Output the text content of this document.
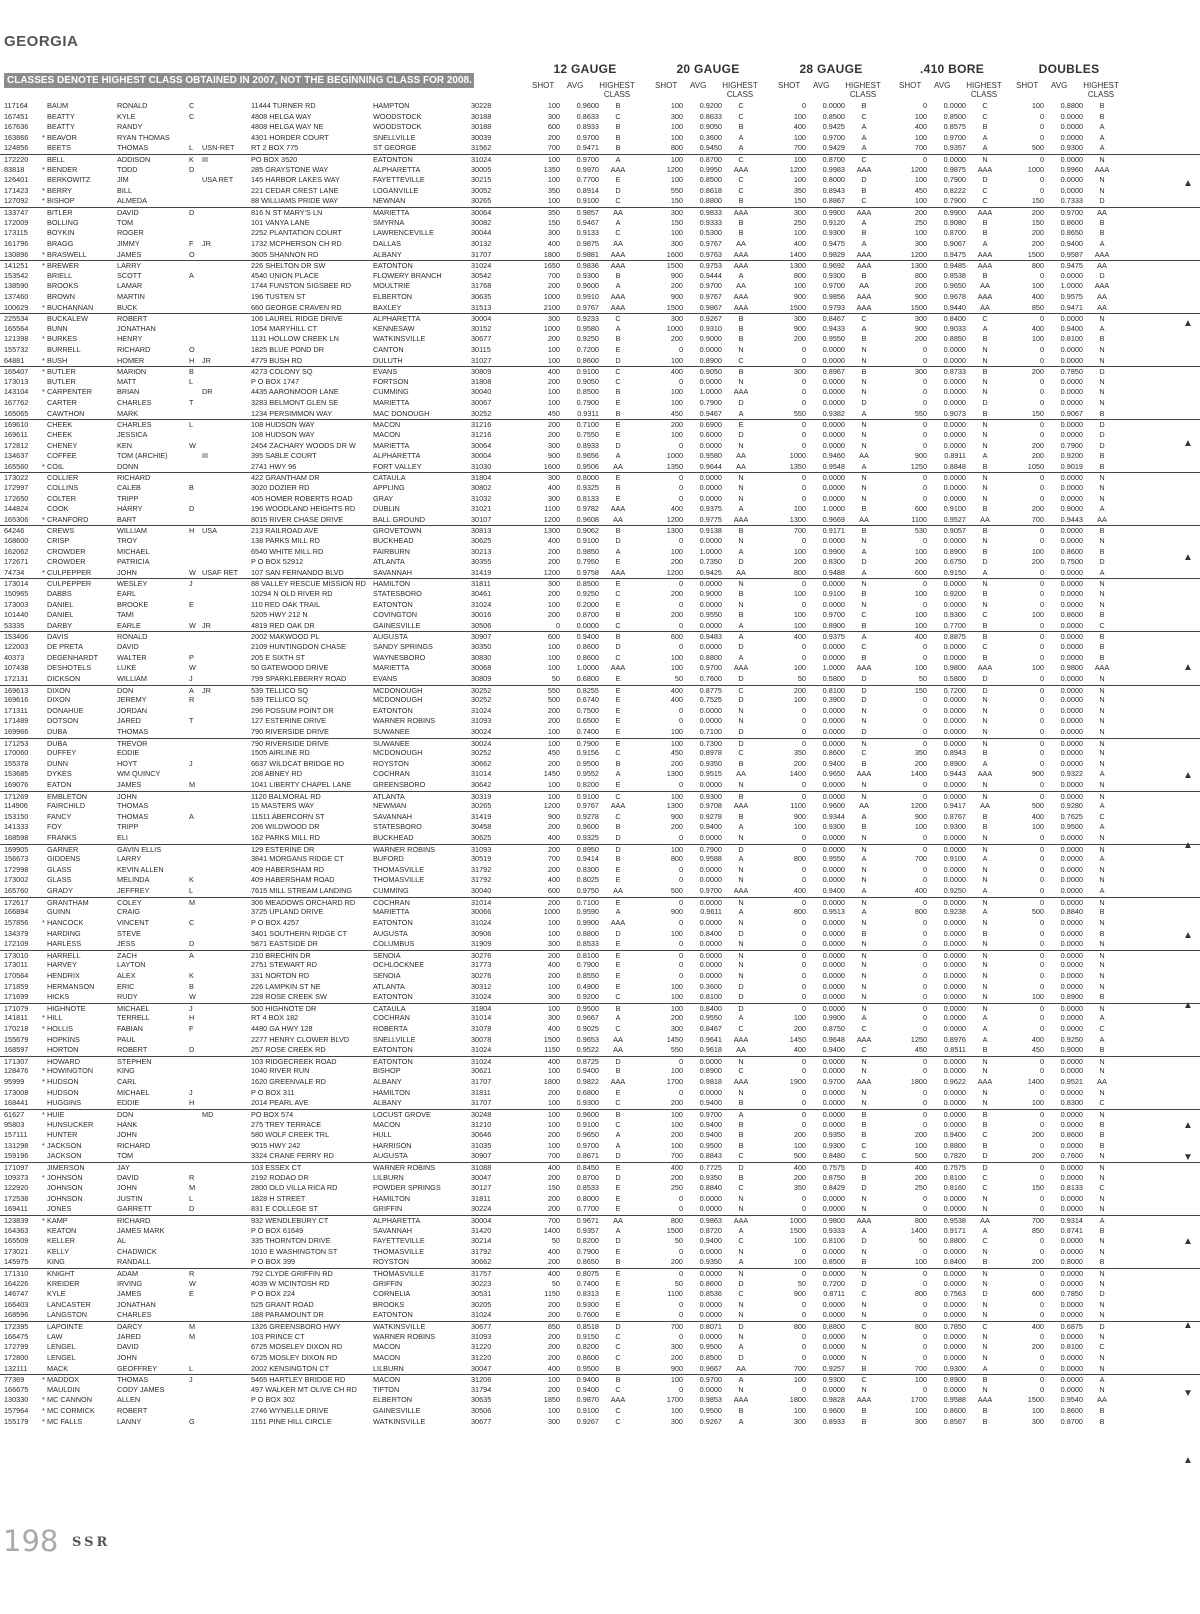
GEORGIA
CLASSES DENOTE HIGHEST CLASS OBTAINED IN 2007, NOT THE BEGINNING CLASS FOR 2008.
12 GAUGE
SHOT AVG HIGHEST CLASS
20 GAUGE
SHOT AVG HIGHEST CLASS
28 GAUGE
SHOT AVG HIGHEST CLASS
.410 BORE
SHOT AVG HIGHEST CLASS
DOUBLES
SHOT AVG HIGHEST CLASS
117164	BAUM	RONALD	C	11444 TURNER RD	HAMPTON	30228	100	0.9600	B	100	0.9200	C	0	0.0000	B	0	0.0000	C	100	0.8800	B
167451	BEATTY	KYLE	C	4808 HELGA WAY	WOODSTOCK	30188	300	0.8633	C	300	0.8633	C	100	0.8500	C	100	0.8500	C	0	0.0000	B
167636	BEATTY	RANDY	4808 HELGA WAY NE	WOODSTOCK	30188	600	0.8933	B	100	0.9050	B	400	0.9425	A	400	0.8575	B	0	0.0000	A
163866	* BEAVOR	RYAN THOMAS	4301 HORDER COURT	SNELLVILLE	30039	200	0.9700	B	100	0.3600	A	100	0.9700	A	100	0.9700	A	0	0.0000	A
124856	BEETS	THOMAS	L	USN-RET	RT 2 BOX 775	ST GEORGE	31562	700	0.9471	B	800	0.9450	A	700	0.9429	A	700	0.9357	A	500	0.9300	A
172220	BELL	ADDISON	K	III	PO BOX 3520	EATONTON	31024	100	0.9700	A	100	0.8700	C	100	0.8700	C	0	0.0000	N	0	0.0000	N
83818	* BENDER	TODD	D	285 GRAYSTONE WAY	ALPHARETTA	30005	1350	0.9970	AAA	1200	0.9950	AAA	1200	0.9983	AAA	1200	0.9875	AAA	1000	0.9960	AAA
126401	BERKOWITZ	JIM	USA RET	145 HARBOR LAKES WAY	FAYETTEVILLE	30215	100	0.7700	E	100	0.8500	C	100	0.8000	D	100	0.7900	D	0	0.0000	N
171423	* BERRY	BILL	221 CEDAR CREST LANE	LOGANVILLE	30052	350	0.8914	D	550	0.8618	C	350	0.8943	B	450	0.8222	C	0	0.0000	N
127092	* BISHOP	ALMEDA	88 WILLIAMS PRIDE WAY	NEWNAN	30265	100	0.9100	C	150	0.8800	B	150	0.8867	C	100	0.7900	C	150	0.7333	D
133747	BITLER	DAVID	D	816 N ST MARY'S LN	MARIETTA	30064	350	0.9857	AA	300	0.9833	AAA	300	0.9900	AAA	200	0.9900	AAA	200	0.9700	AA
172009	BOLLING	TOM	101 VANYA LANE	SMYRNA	30082	150	0.9467	A	150	0.9333	B	250	0.9120	A	250	0.9080	B	150	0.8600	B
173115	BOYKIN	ROGER	2252 PLANTATION COURT	LAWRENCEVILLE	30044	300	0.9133	C	100	0.5300	B	100	0.9300	B	100	0.8700	B	200	0.8650	B
161796	BRAGG	JIMMY	F	JR	1732 MCPHERSON CH RD	DALLAS	30132	400	0.9875	AA	300	0.9767	AA	400	0.9475	A	300	0.9067	A	200	0.9400	A
130896	* BRASWELL	JAMES	O	3605 SHANNON RD	ALBANY	31707	1800	0.9881	AAA	1600	0.9763	AAA	1400	0.9829	AAA	1200	0.9475	AAA	1500	0.9587	AAA
141251	* BREWER	LARRY	226 SHELTON DR SW	EATONTON	31024	1650	0.9836	AAA	1500	0.9753	AAA	1300	0.9692	AAA	1300	0.9485	AAA	800	0.9475	AA
153542	BRIELL	SCOTT	A	4540 UNION PLACE	FLOWERY BRANCH	30542	700	0.9300	B	900	0.9444	A	800	0.9300	B	800	0.8538	B	0	0.0000	D
138590	BROOKS	LAMAR	1744 FUNSTON SIGSBEE RD	MOULTRIE	31768	200	0.9600	A	200	0.9700	AA	100	0.9700	AA	200	0.9650	AA	100	1.0000	AAA
137460	BROWN	MARTIN	196 TUSTEN ST	ELBERTON	30635	1000	0.9910	AAA	900	0.9767	AAA	900	0.9856	AAA	900	0.9678	AAA	400	0.9575	AA
100629	* BUCHANNAN	BUCK	660 GEORGE CRAVEN RD	BAXLEY	31513	2100	0.9767	AAA	1500	0.9867	AAA	1500	0.9793	AAA	1500	0.9440	AA	850	0.9471	AA
225534	BUCKALEW	ROBERT	106 LAUREL RIDGE DRIVE	ALPHARETTA	30004	300	0.9233	C	300	0.9267	B	300	0.8467	C	300	0.8400	C	0	0.0000	N
165564	BUNN	JONATHAN	1054 MARYHILL CT	KENNESAW	30152	1000	0.9580	A	1000	0.9310	B	900	0.9433	A	900	0.9033	A	400	0.9400	A
121398	* BURKES	HENRY	1131 HOLLOW CREEK LN	WATKINSVILLE	30677	200	0.9250	B	200	0.9000	B	200	0.9550	B	200	0.8850	B	100	0.8100	B
155732	BURRELL	RICHARD	O	1825 BLUE POND DR	CANTON	30115	100	0.7200	E	0	0.0000	N	0	0.0000	N	0	0.0000	N	0	0.0000	N
64881	* BUSH	HOMER	H	JR	4779 BUSH RD	DULUTH	31027	100	0.8600	D	100	0.8900	C	0	0.0000	N	0	0.0000	N	0	0.0000	N
165407	* BUTLER	MARION	B	4273 COLONY SQ	EVANS	30809	400	0.9100	C	400	0.9050	B	300	0.8967	B	300	0.8733	B	200	0.7850	D
173013	BUTLER	MATT	L	P O BOX 1747	FORTSON	31808	200	0.9050	C	0	0.0000	N	0	0.0000	N	0	0.0000	N	0	0.0000	N
143104	* CARPENTER	BRIAN	DR	4435 AARONMOOR LANE	CUMMING	30040	100	0.8500	B	100	1.0000	AAA	0	0.0000	N	0	0.0000	N	0	0.0000	N
167762	CARTER	CHARLES	T	3283 BELMONT GLEN SE	MARIETTA	30067	100	0.7900	E	100	0.7900	D	0	0.0000	D	0	0.0000	D	0	0.0000	N
165065	CAWTHON	MARK	1234 PERSIMMON WAY	MAC DONOUGH	30252	450	0.9311	B	450	0.9467	A	550	0.9382	A	550	0.9073	B	150	0.9067	B
169610	CHEEK	CHARLES	L	108 HUDSON WAY	MACON	31216	200	0.7100	E	200	0.6900	E	0	0.0000	N	0	0.0000	N	0	0.0000	D
169611	CHEEK	JESSICA	108 HUDSON WAY	MACON	31216	200	0.7550	E	100	0.6000	D	0	0.0000	N	0	0.0000	N	0	0.0000	D
172812	CHENEY	KEN	W	2454 ZACHARY WOODS DR W	MARIETTA	30064	300	0.8933	D	0	0.0000	N	0	0.0000	N	0	0.0000	N	200	0.7900	D
134637	COFFEE	TOM (ARCHIE)	III	395 SABLE COURT	ALPHARETTA	30004	900	0.9656	A	1000	0.9580	AA	1000	0.9460	AA	900	0.8911	A	200	0.9200	B
165560	* COIL	DONN	2741 HWY 96	FORT VALLEY	31030	1600	0.9506	AA	1350	0.9644	AA	1350	0.9548	A	1250	0.8848	B	1050	0.9019	B
173022	COLLIER	RICHARD	422 GRANTHAM DR	CATAULA	31804	300	0.8000	E	0	0.0000	N	0	0.0000	N	0	0.0000	N	0	0.0000	N
172997	COLLINS	CALEB	B	3020 DOZIER RD	APPLING	30802	400	0.9325	B	0	0.0000	N	0	0.0000	N	0	0.0000	N	0	0.0000	N
172650	COLTER	TRIPP	405 HOMER ROBERTS ROAD	GRAY	31032	300	0.8133	E	0	0.0000	N	0	0.0000	N	0	0.0000	N	0	0.0000	N
144824	COOK	HARRY	D	196 WOODLAND HEIGHTS RD	DUBLIN	31021	1100	0.9782	AAA	400	0.9375	A	100	1.0000	B	600	0.9100	B	200	0.9000	A
165306	* CRANFORD	BART	8015 RIVER CHASE DRIVE	BALL GROUND	30107	1200	0.9608	AA	1200	0.9775	AAA	1300	0.9669	AA	1100	0.9527	AA	700	0.9443	AA
64246	CREWS	WILLIAM	H	USA	213 RAILROAD AVE	GROVETOWN	30813	1300	0.9062	B	1300	0.9138	B	700	0.9171	B	530	0.9057	B	0	0.0000	B
168600	CRISP	TROY	138 PARKS MILL RD	BUCKHEAD	30625	400	0.9100	D	0	0.0000	N	0	0.0000	N	0	0.0000	N	0	0.0000	N
162062	CROWDER	MICHAEL	6540 WHITE MILL RD	FAIRBURN	30213	200	0.9850	A	100	1.0000	A	100	0.9900	A	100	0.8900	B	100	0.8600	B
172671	CROWDER	PATRICIA	P O BOX 52912	ATLANTA	30355	200	0.7950	E	200	0.7350	D	200	0.8300	D	200	0.6750	D	200	0.7500	D
74734	* CULPEPPER	JOHN	W USAF RET	107 SAN FERNANDO BLVD	SAVANNAH	31419	1200	0.9758	AAA	1200	0.9425	AA	800	0.9488	A	600	0.9150	A	0	0.0000	A
173014	CULPEPPER	WESLEY	J	88 VALLEY RESCUE MISSION RD HAMILTON	31811	300	0.8500	E	0	0.0000	N	0	0.0000	N	0	0.0000	N	0	0.0000	N
150965	DABBS	EARL	10294 N OLD RIVER RD	STATESBORO	30461	200	0.9250	C	200	0.9000	B	100	0.9100	B	100	0.9200	B	0	0.0000	N
173003	DANIEL	BROOKE	E	110 RED OAK TRAIL	EATONTON	31024	100	0.2000	E	0	0.0000	N	0	0.0000	N	0	0.0000	N	0	0.0000	N
101440	DANIEL	TAMI	5205 HWY 212 N	COVINGTON	30016	200	0.8700	B	200	0.9550	B	100	0.9700	C	100	0.9300	C	100	0.8600	B
53335	DARBY	EARLE	W JR	4819 RED OAK DR	GAINESVILLE	30506	0	0.0000	C	0	0.0000	A	100	0.8900	B	100	0.7700	B	0	0.0000	C
153406	DAVIS	RONALD	2002 MAKWOOD PL	AUGUSTA	30907	600	0.9400	B	600	0.9483	A	400	0.9375	A	400	0.8875	B	0	0.0000	B
122003	DE PRETA	DAVID	2109 HUNTINGDON CHASE	SANDY SPRINGS	30350	100	0.8600	D	0	0.0000	D	0	0.0000	C	0	0.0000	C	0	0.0000	B
40373	DEGENHARDT	WALTER	P	205 E SIXTH ST	WAYNESBORO	30830	100	0.8600	C	100	0.8800	A	0	0.0000	B	0	0.0000	B	0	0.0000	B
107438	DESHOTELS	LUKE	W	50 GATEWOOD DRIVE	MARIETTA	30068	100	1.0000	AAA	100	0.9700	AAA	100	1.0000	AAA	100	0.9800	AAA	100	0.9800	AAA
172131	DICKSON	WILLIAM	J	799 SPARKLEBERRY ROAD	EVANS	30809	50	0.6800	E	50	0.7600	D	50	0.5800	D	50	0.5800	D	0	0.0000	N
169613	DIXON	DON	A	JR	539 TELLICO SQ	MCDONOUGH	30252	550	0.8255	E	400	0.8775	C	200	0.8100	D	150	0.7200	D	0	0.0000	N
169616	DIXON	JEREMY	R	539 TELLICO SQ	MCDONOUGH	30252	500	0.6740	E	400	0.7525	D	100	0.3900	D	0	0.0000	N	0	0.0000	N
171311	DONAHUE	JORDAN	296 POSSUM POINT DR	EATONTON	31024	200	0.7500	E	0	0.0000	N	0	0.0000	N	0	0.0000	N	0	0.0000	N
171489	DOTSON	JARED	T	127 ESTERINE DRIVE	WARNER ROBINS	31093	200	0.6500	E	0	0.0000	N	0	0.0000	N	0	0.0000	N	0	0.0000	N
169966	DUBA	THOMAS	790 RIVERSIDE DRIVE	SUWANEE	30024	100	0.7400	E	100	0.7100	D	0	0.0000	D	0	0.0000	N	0	0.0000	N
171253	DUBA	TREVOR	790 RIVERSIDE DRIVE	SUWANEE	30024	100	0.7900	E	100	0.7300	D	0	0.0000	N	0	0.0000	N	0	0.0000	N
170060	DUFFEY	EDDIE	1505 AIRLINE RD	MCDONOUGH	30252	450	0.9156	C	450	0.8978	C	350	0.8600	C	350	0.8943	B	0	0.0000	N
155378	DUNN	HOYT	J	6637 WILDCAT BRIDGE RD	ROYSTON	30662	200	0.9500	B	200	0.9350	B	200	0.9400	B	200	0.8900	A	0	0.0000	N
153685	DYKES	WM QUINCY	208 ABNEY RD	COCHRAN	31014	1450	0.9552	A	1300	0.9515	AA	1400	0.9650	AAA	1400	0.9443	AAA	900	0.9322	A
169076	EATON	JAMES	M	1041 LIBERTY CHAPEL LANE	GREENSBORO	30642	100	0.8200	E	0	0.0000	N	0	0.0000	N	0	0.0000	N	0	0.0000	N
171269	EMBLETON	JOHN	1120 BALMORAL RD	ATLANTA	30319	100	0.9100	C	100	0.9300	B	0	0.0000	N	0	0.0000	N	0	0.0000	N
114906	FAIRCHILD	THOMAS	15 MASTERS WAY	NEWMAN	30265	1200	0.9767	AAA	1300	0.9708	AAA	1100	0.9600	AA	1200	0.9417	AA	500	0.9280	A
153150	FANCY	THOMAS	A	11511 ABERCORN ST	SAVANNAH	31419	900	0.9278	C	900	0.9278	B	900	0.9344	A	900	0.8767	B	400	0.7625	C
141333	FOY	TRIPP	206 WILDWOOD DR	STATESBORO	30458	200	0.9600	B	200	0.9400	A	100	0.9300	B	100	0.9300	B	100	0.9500	A
168598	FRANKS	ELI	162 PARKS MILL RD	BUCKHEAD	30625	400	0.9325	D	0	0.0000	N	0	0.0000	N	0	0.0000	N	0	0.0000	N
169905	GARNER	GAVIN ELLIS	129 ESTERINE DR	WARNER ROBINS	31093	200	0.8950	D	100	0.7900	D	0	0.0000	N	0	0.0000	N	0	0.0000	N
156673	GIDDENS	LARRY	3841 MORGANS RIDGE CT	BUFORD	30519	700	0.9414	B	800	0.9588	A	800	0.9550	A	700	0.9100	A	0	0.0000	A
172998	GLASS	KEVIN ALLEN	409 HABERSHAM RD	THOMASVILLE	31792	200	0.8300	E	0	0.0000	N	0	0.0000	N	0	0.0000	N	0	0.0000	N
173002	GLASS	MELINDA	K	409 HABERSHAM ROAD	THOMASVILLE	31792	400	0.8025	E	0	0.0000	N	0	0.0000	N	0	0.0000	N	0	0.0000	N
165760	GRADY	JEFFREY	L	7615 MILL STREAM LANDING	CUMMING	30040	600	0.9750	AA	500	0.9700	AAA	400	0.9400	A	400	0.9250	A	0	0.0000	A
172617	GRANTHAM	COLEY	M	306 MEADOWS ORCHARD RD	COCHRAN	31014	200	0.7100	E	0	0.0000	N	0	0.0000	N	0	0.0000	N	0	0.0000	N
166894	GUINN	CRAIG	3725 UPLAND DRIVE	MARIETTA	30066	1000	0.9590	A	900	0.9611	A	800	0.9513	A	800	0.9238	A	500	0.8840	B
157856	* HANCOCK	VINCENT	C	P O BOX 4257	EATONTON	31024	100	0.9900	AAA	0	0.0000	N	0	0.0000	N	0	0.0000	N	0	0.0000	N
134379	HARDING	STEVE	3401 SOUTHERN RIDGE CT	AUGUSTA	30906	100	0.8800	D	100	0.8400	D	0	0.0000	B	0	0.0000	B	0	0.0000	B
172109	HARLESS	JESS	D	5871 EASTSIDE DR	COLUMBUS	31909	300	0.8533	E	0	0.0000	N	0	0.0000	N	0	0.0000	N	0	0.0000	N
173010	HARRELL	ZACH	A	210 BRECHIN DR	SENOIA	30276	200	0.8100	E	0	0.0000	N	0	0.0000	N	0	0.0000	N	0	0.0000	N
173011	HARVEY	LAYTON	2751 STEWART RD	OCHLOCKNEE	31773	400	0.7900	E	0	0.0000	N	0	0.0000	N	0	0.0000	N	0	0.0000	N
170564	HENDRIX	ALEX	K	331 NORTON RD	SENOIA	30276	200	0.8550	E	0	0.0000	N	0	0.0000	N	0	0.0000	N	0	0.0000	N
171859	HERMANSON	ERIC	B	226 LAMPKIN ST NE	ATLANTA	30312	100	0.4900	E	100	0.3600	D	0	0.0000	N	0	0.0000	N	0	0.0000	N
171699	HICKS	RUDY	W	228 ROSE CREEK SW	EATONTON	31024	300	0.9200	C	100	0.8100	D	0	0.0000	N	0	0.0000	N	100	0.8900	B
171079	HIGHNOTE	MICHAEL	J	500 HIGHNOTE DR	CATAULA	31804	100	0.9500	B	100	0.8400	D	0	0.0000	N	0	0.0000	N	0	0.0000	N
141811	* HILL	TERRELL	H	RT 4 BOX 182	COCHRAN	31014	300	0.9667	A	200	0.9550	A	100	0.9900	A	0	0.0000	A	0	0.0000	A
170218	* HOLLIS	FABIAN	F	4480 GA HWY 128	ROBERTA	31078	400	0.9025	C	300	0.8467	C	200	0.8750	C	0	0.0000	A	0	0.0000	C
155679	HOPKINS	PAUL	2277 HENRY CLOWER BLVD	SNELLVILLE	30078	1500	0.9653	AA	1450	0.9641	AAA	1450	0.9648	AAA	1250	0.8976	A	400	0.9250	A
168597	HORTON	ROBERT	D	257 ROSE CREEK RD	EATONTON	31024	1150	0.9522	AA	550	0.9618	AA	400	0.9400	C	450	0.8511	B	450	0.9000	B
171307	HOWARD	STEPHEN	103 RIDGECREEK ROAD	EATONTON	31024	400	0.8725	D	0	0.0000	N	0	0.0000	N	0	0.0000	N	0	0.0000	N
128476	* HOWINGTON	KING	1040 RIVER RUN	BISHOP	30621	100	0.9400	B	100	0.8900	C	0	0.0000	N	0	0.0000	N	0	0.0000	N
95999	* HUDSON	CARL	1620 GREENVALE RD	ALBANY	31707	1800	0.9822	AAA	1700	0.9818	AAA	1900	0.9700	AAA	1800	0.9622	AAA	1400	0.9521	AA
173008	HUDSON	MICHAEL	J	P O BOX 311	HAMILTON	31811	200	0.6800	E	0	0.0000	N	0	0.0000	N	0	0.0000	N	0	0.0000	N
168441	HUGGINS	EDDIE	H	2014 PEARL AVE	ALBANY	31707	100	0.9300	C	200	0.9400	B	0	0.0000	N	0	0.0000	N	100	0.8300	C
61627	* HUIE	DON	MD	PO BOX 574	LOCUST GROVE	30248	100	0.9600	B	100	0.9700	A	0	0.0000	B	0	0.0000	B	0	0.0000	N
95803	HUNSUCKER	HANK	275 TREY TERRACE	MACON	31210	100	0.9100	C	100	0.9400	B	0	0.0000	B	0	0.0000	B	0	0.0000	B
157111	HUNTER	JOHN	580 WOLF CREEK TRL	HULL	30646	200	0.9650	A	200	0.9400	B	200	0.9350	B	200	0.9400	C	200	0.8600	B
131298	* JACKSON	RICHARD	9015 HWY 242	HARRISON	31035	100	0.9700	A	100	0.9500	B	100	0.9300	C	100	0.8800	B	0	0.0000	B
159196	JACKSON	TOM	3324 CRANE FERRY RD	AUGUSTA	30907	700	0.8671	D	700	0.8843	C	500	0.8480	C	500	0.7820	D	200	0.7600	N
171097	JIMERSON	JAY	103 ESSEX CT	WARNER ROBINS	31088	400	0.8450	E	400	0.7725	D	400	0.7575	D	400	0.7575	D	0	0.0000	N
109373	* JOHNSON	DAVID	R	2192 RODAO DR	LILBURN	30047	200	0.8700	D	200	0.9350	B	200	0.8750	B	200	0.8100	C	0	0.0000	N
122920	JOHNSON	JOHN	M	2800 OLD VILLA RICA RD	POWDER SPRINGS	30127	150	0.8533	E	250	0.8840	C	350	0.8429	D	250	0.8160	C	150	0.8133	C
172538	JOHNSON	JUSTIN	L	1828 H STREET	HAMILTON	31811	200	0.8000	E	0	0.0000	N	0	0.0000	N	0	0.0000	N	0	0.0000	N
169411	JONES	GARRETT	D	831 E COLLEGE ST	GRIFFIN	30224	200	0.7700	E	0	0.0000	N	0	0.0000	N	0	0.0000	N	0	0.0000	N
123839	* KAMP	RICHARD	932 WENDLEBURY CT	ALPHARETTA	30004	700	0.9671	AA	800	0.9863	AAA	1000	0.9800	AAA	800	0.9538	AA	700	0.9314	A
164363	KEATON	JAMES MARK	P O BOX 61649	SAVANNAH	31420	1400	0.9357	A	1500	0.8720	A	1500	0.9333	A	1400	0.9171	A	850	0.8741	B
165509	KELLER	AL	335 THORNTON DRIVE	FAYETTEVILLE	30214	50	0.8200	D	50	0.9400	C	100	0.8100	D	50	0.8800	C	0	0.0000	N
173021	KELLY	CHADWICK	1010 E WASHINGTON ST	THOMASVILLE	31792	400	0.7900	E	0	0.0000	N	0	0.0000	N	0	0.0000	N	0	0.0000	N
145975	KING	RANDALL	P O BOX 399	ROYSTON	30662	200	0.8650	B	200	0.9350	A	100	0.8500	B	100	0.8400	B	200	0.8000	B
171310	KNIGHT	ADAM	R	792 CLYDE GRIFFIN RD	THOMASVILLE	31757	400	0.8075	E	0	0.0000	N	0	0.0000	N	0	0.0000	N	0	0.0000	N
164226	KREIDER	IRVING	W	4039 W MCINTOSH RD	GRIFFIN	30223	50	0.7400	E	50	0.8600	D	50	0.7200	D	0	0.0000	N	0	0.0000	N
146747	KYLE	JAMES	E	P O BOX 224	CORNELIA	30531	1150	0.8313	E	1100	0.8536	C	900	0.8711	C	800	0.7563	D	600	0.7850	D
166403	LANCASTER	JONATHAN	525 GRANT ROAD	BROOKS	30205	200	0.9300	E	0	0.0000	N	0	0.0000	N	0	0.0000	N	0	0.0000	N
168596	LANGSTON	CHARLES	188 PARAMOUNT DR	EATONTON	31024	200	0.7600	E	0	0.0000	N	0	0.0000	N	0	0.0000	N	0	0.0000	N
172395	LAPOINTE	DARCY	M	1326 GREENSBORO HWY	WATKINSVILLE	30677	850	0.8518	D	700	0.8071	D	800	0.8800	C	800	0.7850	C	400	0.6875	D
166475	LAW	JARED	M	103 PRINCE CT	WARNER ROBINS	31093	200	0.9150	C	0	0.0000	N	0	0.0000	N	0	0.0000	N	0	0.0000	N
172799	LENGEL	DAVID	6725 MOSELEY DIXON RD	MACON	31220	200	0.8200	C	300	0.9500	A	0	0.0000	N	0	0.0000	N	200	0.8100	C
172800	LENGEL	JOHN	6725 MOSLEY DIXON RD	MACON	31220	200	0.8600	C	200	0.8500	D	0	0.0000	N	0	0.0000	N	0	0.0000	N
132111	MACK	GEOFFREY	L	2002 KENSINGTON CT	LILBURN	30047	400	0.9500	B	900	0.9667	AA	700	0.9257	B	700	0.9300	A	0	0.0000	N
77369	* MADDOX	THOMAS	J	5465 HARTLEY BRIDGE RD	MACON	31206	100	0.9400	B	100	0.9700	A	100	0.9300	C	100	0.8900	B	0	0.0000	A
166675	MAULDIN	CODY JAMES	497 WALKER MT OLIVE CH RD	TIFTON	31794	200	0.9400	C	0	0.0000	N	0	0.0000	N	0	0.0000	N	0	0.0000	N
130330	* MC CANNON	ALLEN	P O BOX 302	ELBERTON	30635	1850	0.9870	AAA	1700	0.9853	AAA	1800	0.9828	AAA	1700	0.9588	AAA	1500	0.9540	AA
157964	* MC CORMICK	ROBERT	2746 WYNELLE DRIVE	GAINESVILLE	30506	100	0.9100	C	100	0.9500	B	100	0.9600	B	100	0.8600	B	100	0.8600	B
155179	* MC FALLS	LANNY	G	1151 PINE HILL CIRCLE	WATKINSVILLE	30677	300	0.9267	C	300	0.9267	A	300	0.8933	B	300	0.8567	B	300	0.8700	B
▲
▲
▲
▲
▲
▲
▲
▲
▲
▲
▼
▲
▲
▼
▲
198 SSR
